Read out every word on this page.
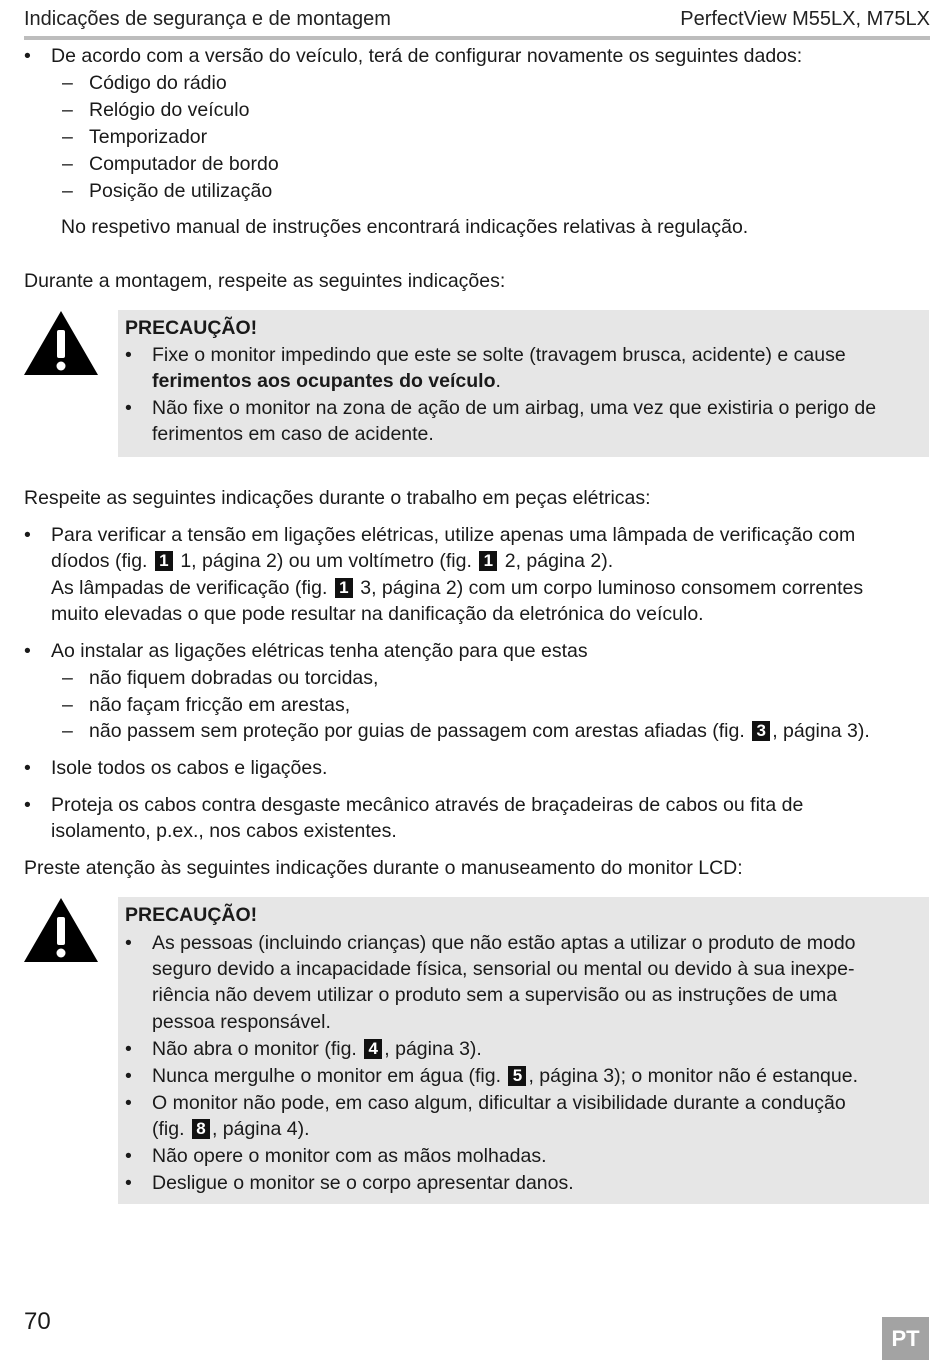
Indicações de segurança e de montagem	PerfectView M55LX, M75LX
• De acordo com a versão do veículo, terá de configurar novamente os seguintes dados:
– Código do rádio
– Relógio do veículo
– Temporizador
– Computador de bordo
– Posição de utilização
No respetivo manual de instruções encontrará indicações relativas à regulação.
Durante a montagem, respeite as seguintes indicações:
PRECAUÇÃO!
• Fixe o monitor impedindo que este se solte (travagem brusca, acidente) e cause
ferimentos aos ocupantes do veículo.
• Não fixe o monitor na zona de ação de um airbag, uma vez que existiria o perigo de
ferimentos em caso de acidente.
Respeite as seguintes indicações durante o trabalho em peças elétricas:
• Para verificar a tensão em ligações elétricas, utilize apenas uma lâmpada de verificação com
díodos (fig. 1 1, página 2) ou um voltímetro (fig. 1 2, página 2).
As lâmpadas de verificação (fig. 1 3, página 2) com um corpo luminoso consomem correntes
muito elevadas o que pode resultar na danificação da eletrónica do veículo.
• Ao instalar as ligações elétricas tenha atenção para que estas
– não fiquem dobradas ou torcidas,
– não façam fricção em arestas,
– não passem sem proteção por guias de passagem com arestas afiadas (fig. 3 , página 3).
• Isole todos os cabos e ligações.
• Proteja os cabos contra desgaste mecânico através de braçadeiras de cabos ou fita de
isolamento, p.ex., nos cabos existentes.
Preste atenção às seguintes indicações durante o manuseamento do monitor LCD:
PRECAUÇÃO!
• As pessoas (incluindo crianças) que não estão aptas a utilizar o produto de modo
seguro devido a incapacidade física, sensorial ou mental ou devido à sua inexpe-
riência não devem utilizar o produto sem a supervisão ou as instruções de uma
pessoa responsável.
• Não abra o monitor (fig. 4 , página 3).
• Nunca mergulhe o monitor em água (fig. 5 , página 3); o monitor não é estanque.
• O monitor não pode, em caso algum, dificultar a visibilidade durante a condução
(fig. 8 , página 4).
• Não opere o monitor com as mãos molhadas.
• Desligue o monitor se o corpo apresentar danos.
70
PT
